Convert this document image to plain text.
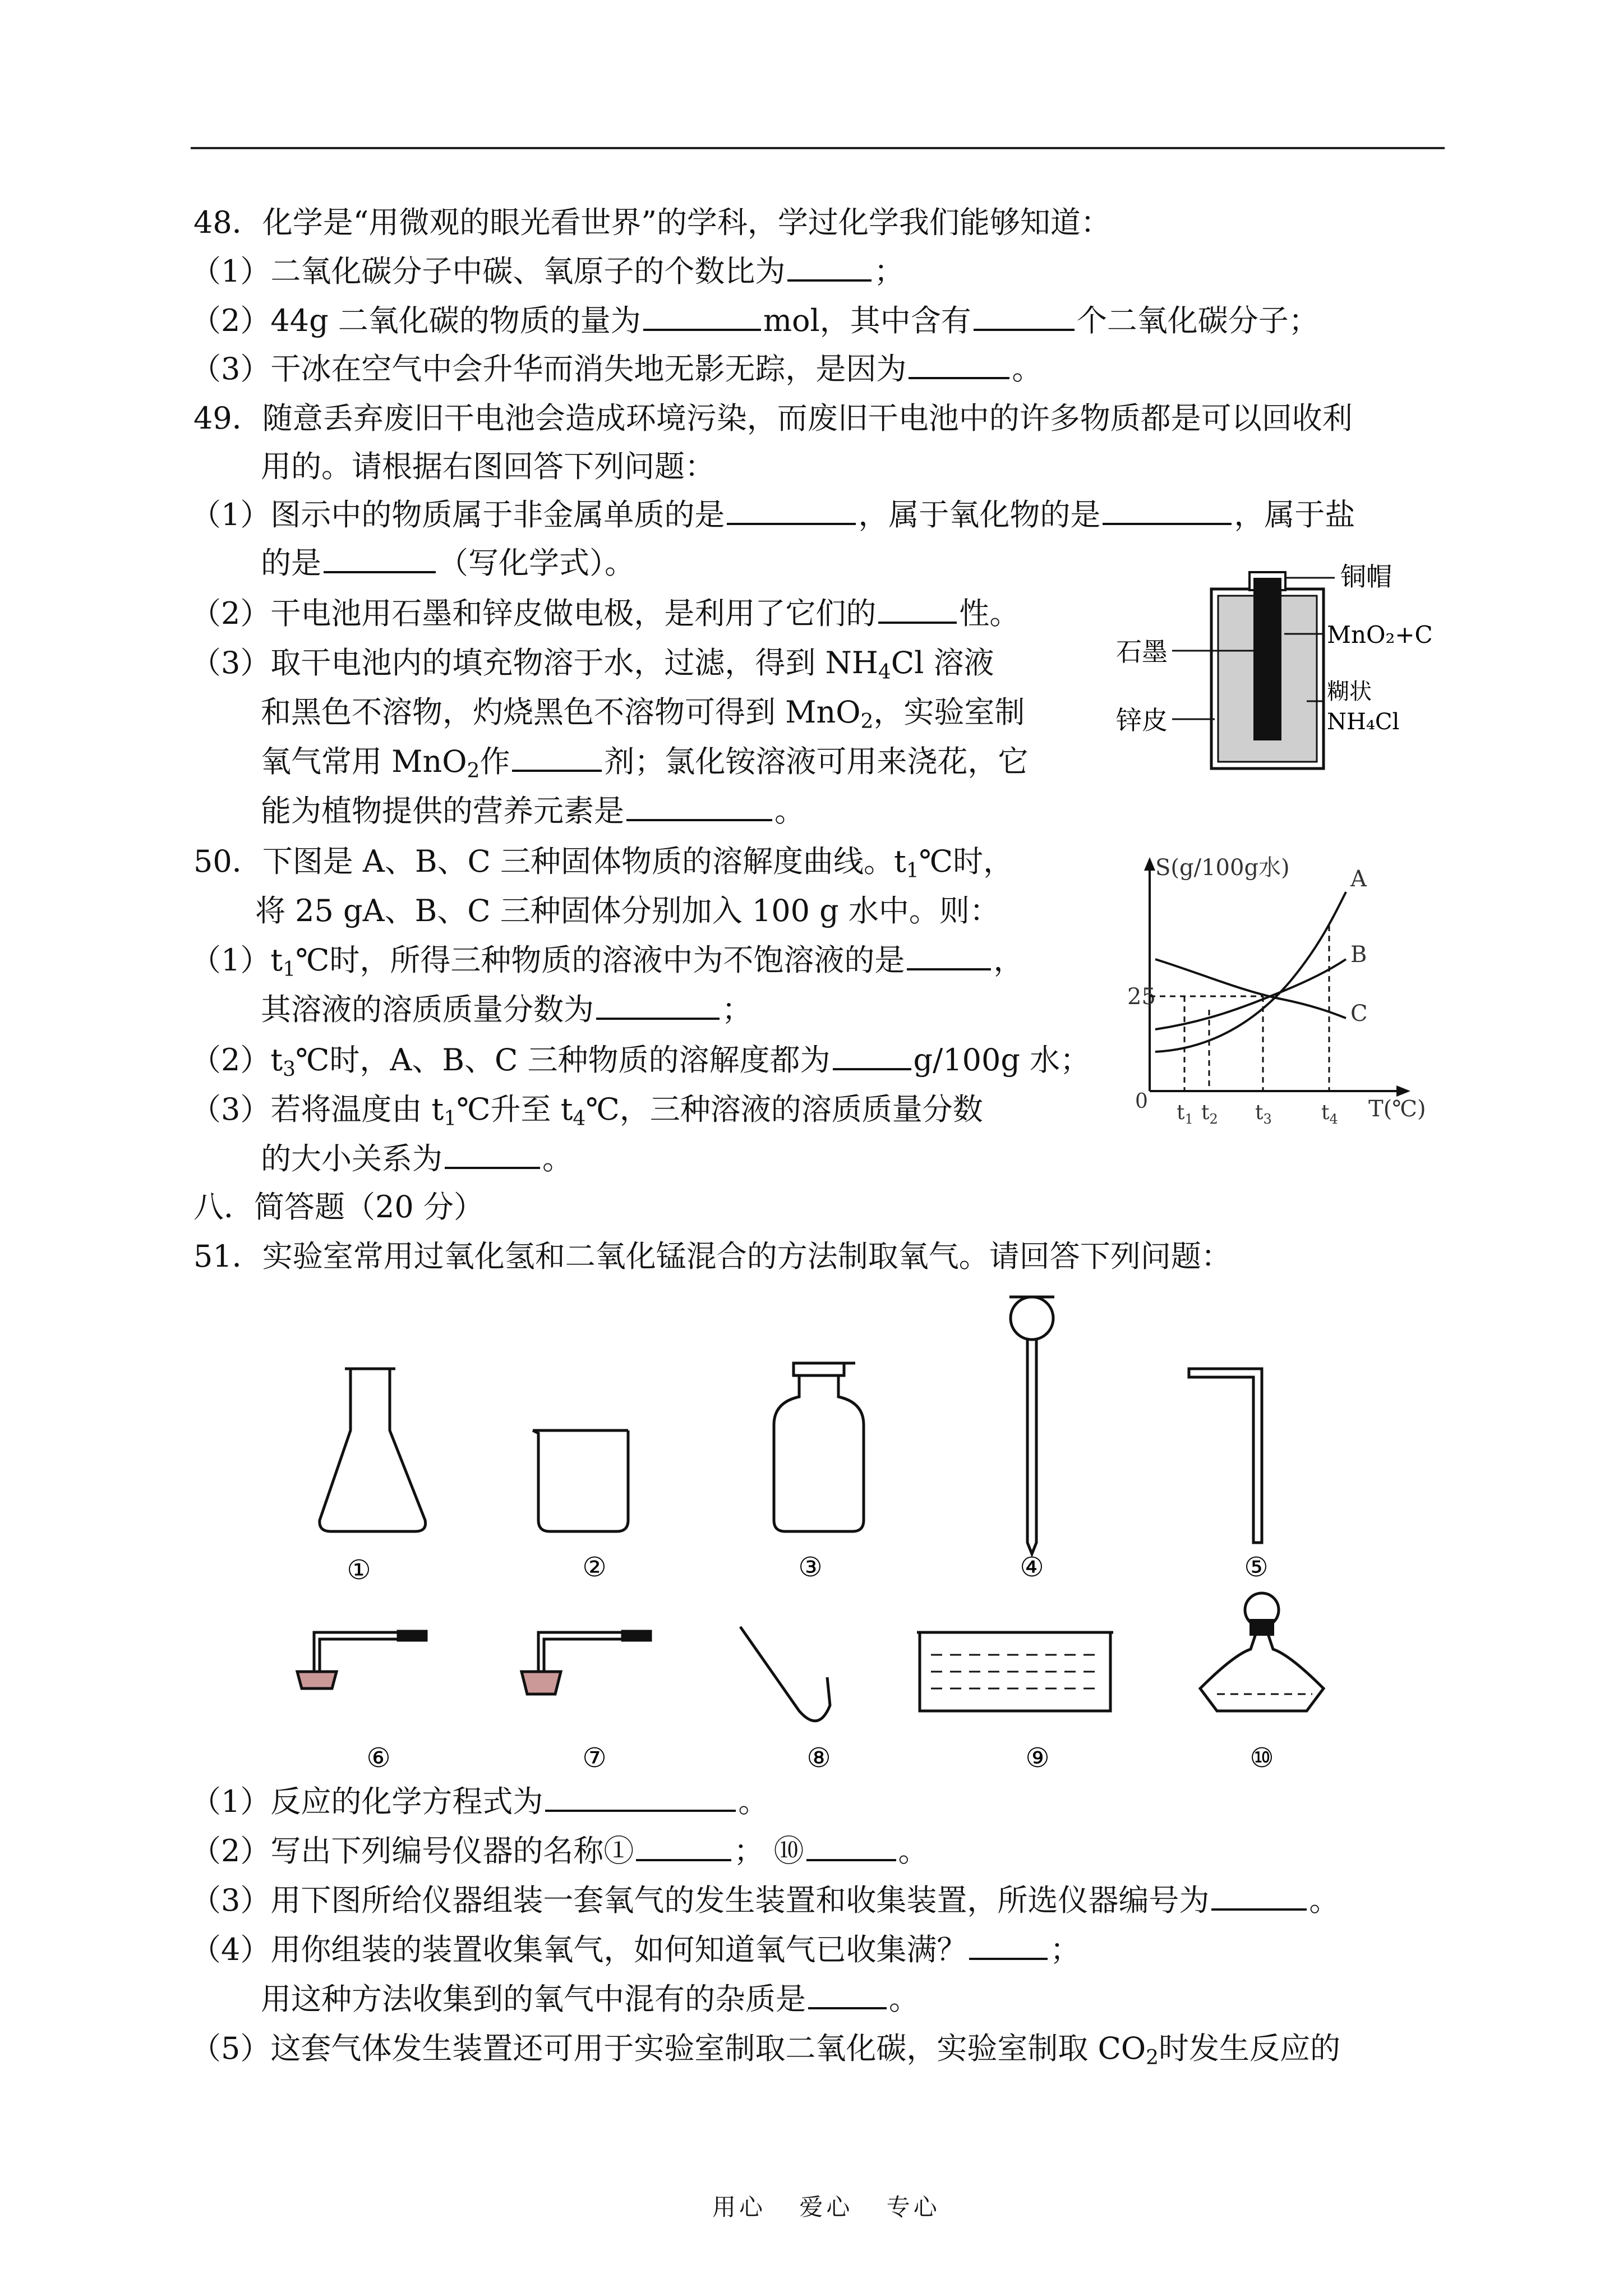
48．化学是“用微观的眼光看世界”的学科，学过化学我们能够知道：
（1）二氧化碳分子中碳、氧原子的个数比为	；
（2）44g 二氧化碳的物质的量为	mol，其中含有	个二氧化碳分子；
（3）干冰在空气中会升华而消失地无影无踪，是因为	。
49．随意丢弃废旧干电池会造成环境污染，而废旧干电池中的许多物质都是可以回收利
用的。请根据右图回答下列问题：
（1）图示中的物质属于非金属单质的是	，属于氧化物的是	，属于盐
的是	（写化学式）。
（2）干电池用石墨和锌皮做电极，是利用了它们的	性。
（3）取干电池内的填充物溶于水，过滤，得到 $NH_4Cl$ 溶液
和黑色不溶物，灼烧黑色不溶物可得到 MnO$_2$，实验室制
氧气常用 MnO$_2$作	剂；氯化铵溶液可用来浇花，它
能为植物提供的营养元素是	。
铜帽
MnO₂+C
石墨
糊状
NH₄Cl
锌皮
50．下图是 A、B、C 三种固体物质的溶解度曲线。$t_1℃$时，
将 25 gA、B、C 三种固体分别加入 100 g 水中。则：
$(1)t_1℃$时，所得三种物质的溶液中为不饱溶液的是	，
其溶液的溶质质量分数为	；
$(2)t_3℃$时，A、B、C 三种物质的溶解度都为	g/100g 水；
（3）若将温度由 $t_1℃$升至 $t_4℃$，三种溶液的溶质质量分数
的大小关系为	。
S(g/100g水)
25
0
A
B
C
$t_1$ $t_2$ $t_3$ $t_4$ T(℃)
八．简答题（20 分）
51．实验室常用过氧化氢和二氧化锰混合的方法制取氧气。请回答下列问题：
①	②	③	④	⑤
⑥	⑦	⑧	⑨	⑩
（1）反应的化学方程式为	。
（2）写出下列编号仪器的名称①	； ⑩	。
（3）用下图所给仪器组装一套氧气的发生装置和收集装置，所选仪器编号为	。
（4）用你组装的装置收集氧气，如何知道氧气已收集满？	；
用这种方法收集到的氧气中混有的杂质是	。
（5）这套气体发生装置还可用于实验室制取二氧化碳，实验室制取 $CO_2$时发生反应的
用心 爱心 专心
